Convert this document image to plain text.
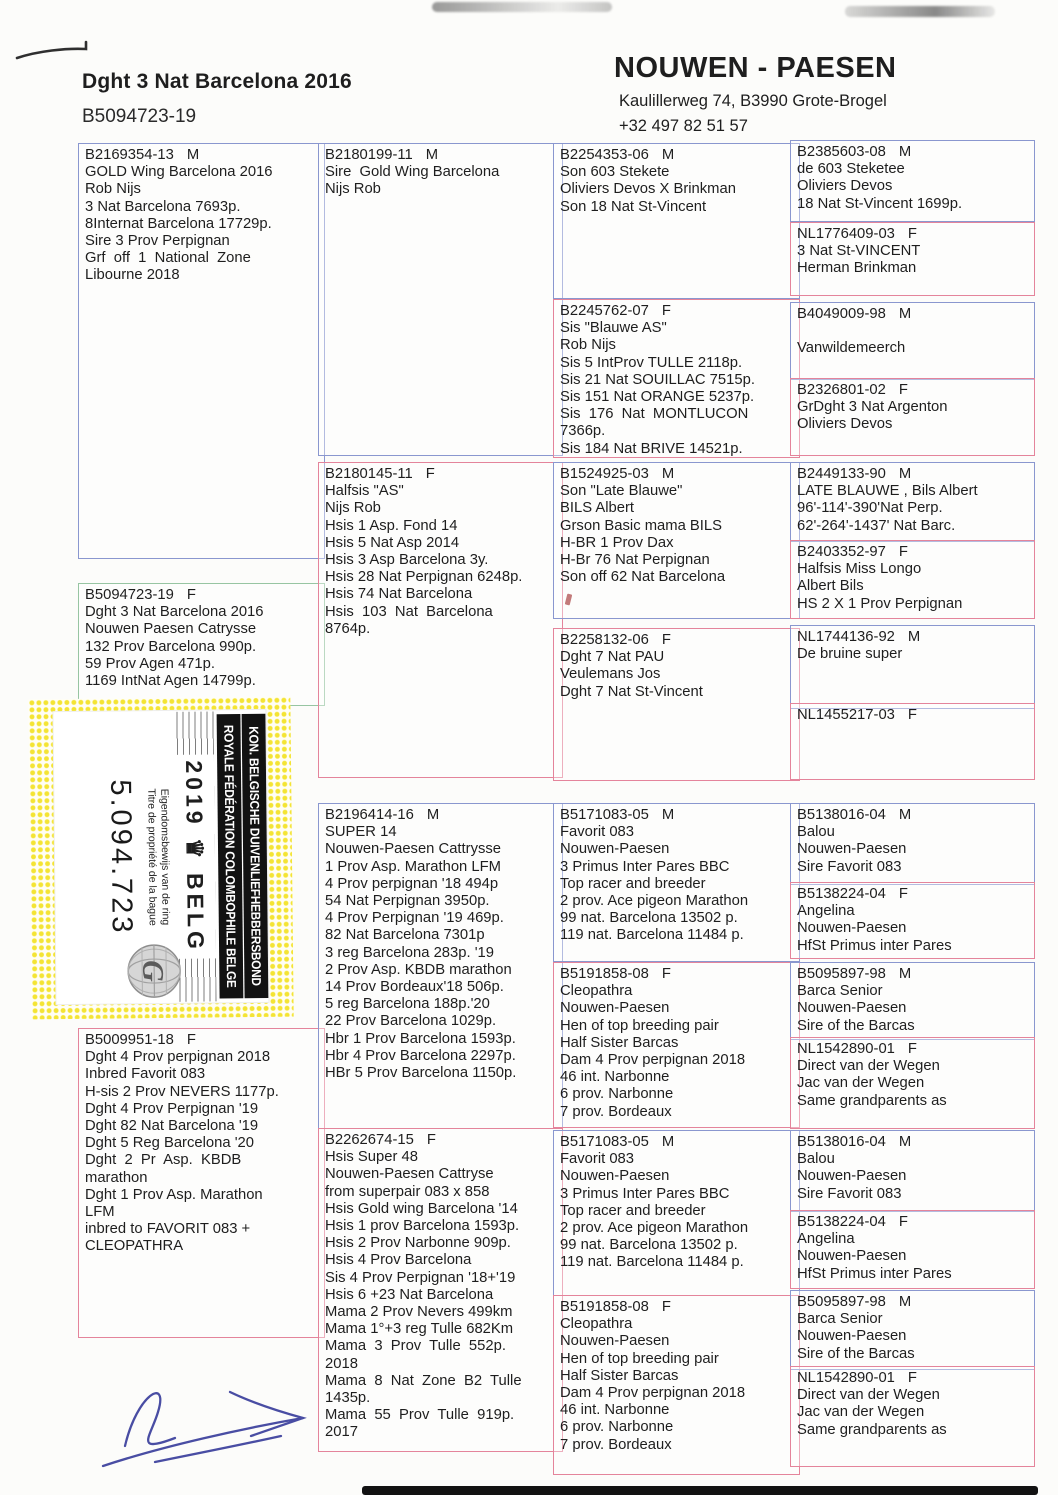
Dght 3 Nat Barcelona 2016
B5094723-19
NOUWEN - PAESEN
Kaulillerweg 74, B3990 Grote-Brogel
+32 497 82 51 57
B2169354-13 M
GOLD Wing Barcelona 2016
Rob Nijs
3 Nat Barcelona 7693p.
8Internat Barcelona 17729p.
Sire 3 Prov Perpignan
Grf  off  1  National  Zone
Libourne 2018
B5094723-19 F
Dght 3 Nat Barcelona 2016
Nouwen Paesen Catrysse
132 Prov Barcelona 990p.
59 Prov Agen 471p.
1169 IntNat Agen 14799p.
B5009951-18 F
Dght 4 Prov perpignan 2018
Inbred Favorit 083
H-sis 2 Prov NEVERS 1177p.
Dght 4 Prov Perpignan '19
Dght 82 Nat Barcelona '19
Dght 5 Reg Barcelona '20
Dght  2  Pr  Asp.  KBDB
marathon
Dght 1 Prov Asp. Marathon
LFM
inbred to FAVORIT 083 +
CLEOPATHRA
B2180199-11 M
Sire  Gold Wing Barcelona
Nijs Rob
B2180145-11 F
Halfsis "AS"
Nijs Rob
Hsis 1 Asp. Fond 14
Hsis 5 Nat Asp 2014
Hsis 3 Asp Barcelona 3y.
Hsis 28 Nat Perpignan 6248p.
Hsis 74 Nat Barcelona
Hsis  103  Nat  Barcelona
8764p.
B2196414-16 M
SUPER 14
Nouwen-Paesen Cattrysse
1 Prov Asp. Marathon LFM
4 Prov perpignan '18 494p
54 Nat Perpignan 3950p.
4 Prov Perpignan '19 469p.
82 Nat Barcelona 7301p
3 reg Barcelona 283p. '19
2 Prov Asp. KBDB marathon
14 Prov Bordeaux'18 506p.
5 reg Barcelona 188p.'20
22 Prov Barcelona 1029p.
Hbr 1 Prov Barcelona 1593p.
Hbr 4 Prov Barcelona 2297p.
HBr 5 Prov Barcelona 1150p.
B2262674-15 F
Hsis Super 48
Nouwen-Paesen Cattryse
from superpair 083 x 858
Hsis Gold wing Barcelona '14
Hsis 1 prov Barcelona 1593p.
Hsis 2 Prov Narbonne 909p.
Hsis 4 Prov Barcelona
Sis 4 Prov Perpignan '18+'19
Hsis 6 +23 Nat Barcelona
Mama 2 Prov Nevers 499km
Mama 1°+3 reg Tulle 682Km
Mama  3  Prov  Tulle  552p.
2018
Mama  8  Nat  Zone  B2  Tulle
1435p.
Mama  55  Prov  Tulle  919p.
2017
B2254353-06 M
Son 603 Stekete
Oliviers Devos X Brinkman
Son 18 Nat St-Vincent
B2245762-07 F
Sis "Blauwe AS"
Rob Nijs
Sis 5 IntProv TULLE 2118p.
Sis 21 Nat SOUILLAC 7515p.
Sis 151 Nat ORANGE 5237p.
Sis  176  Nat  MONTLUCON
7366p.
Sis 184 Nat BRIVE 14521p.
B1524925-03 M
Son "Late Blauwe"
BILS Albert
Grson Basic mama BILS
H-BR 1 Prov Dax
H-Br 76 Nat Perpignan
Son off 62 Nat Barcelona
B2258132-06 F
Dght 7 Nat PAU
Veulemans Jos
Dght 7 Nat St-Vincent
B5171083-05 M
Favorit 083
Nouwen-Paesen
3 Primus Inter Pares BBC
Top racer and breeder
2 prov. Ace pigeon Marathon
99 nat. Barcelona 13502 p.
119 nat. Barcelona 11484 p.
B5191858-08 F
Cleopathra
Nouwen-Paesen
Hen of top breeding pair
Half Sister Barcas
Dam 4 Prov perpignan 2018
46 int. Narbonne
6 prov. Narbonne
7 prov. Bordeaux
B5171083-05 M
Favorit 083
Nouwen-Paesen
3 Primus Inter Pares BBC
Top racer and breeder
2 prov. Ace pigeon Marathon
99 nat. Barcelona 13502 p.
119 nat. Barcelona 11484 p.
B5191858-08 F
Cleopathra
Nouwen-Paesen
Hen of top breeding pair
Half Sister Barcas
Dam 4 Prov perpignan 2018
46 int. Narbonne
6 prov. Narbonne
7 prov. Bordeaux
B2385603-08 M
de 603 Steketee
Oliviers Devos
18 Nat St-Vincent 1699p.
NL1776409-03 F
3 Nat St-VINCENT
Herman Brinkman
B4049009-98 M

Vanwildemeerch
B2326801-02 F
GrDght 3 Nat Argenton
Oliviers Devos
B2449133-90 M
LATE BLAUWE , Bils Albert
96'-114'-390'Nat Perp.
62'-264'-1437' Nat Barc.
B2403352-97 F
Halfsis Miss Longo
Albert Bils
HS 2 X 1 Prov Perpignan
NL1744136-92 M
De bruine super
NL1455217-03 F
B5138016-04 M
Balou
Nouwen-Paesen
Sire Favorit 083
B5138224-04 F
Angelina
Nouwen-Paesen
HfSt Primus inter Pares
B5095897-98 M
Barca Senior
Nouwen-Paesen
Sire of the Barcas
NL1542890-01 F
Direct van der Wegen
Jac van der Wegen
Same grandparents as
B5138016-04 M
Balou
Nouwen-Paesen
Sire Favorit 083
B5138224-04 F
Angelina
Nouwen-Paesen
HfSt Primus inter Pares
B5095897-98 M
Barca Senior
Nouwen-Paesen
Sire of the Barcas
NL1542890-01 F
Direct van der Wegen
Jac van der Wegen
Same grandparents as
KON. BELGISCHE DUIVENLIEFHEBBERSBOND
ROYALE FÉDÉRATION COLOMBOPHILE BELGE
2019 ♛ BELG
Eigendomsbewijs van de ring
Titre de propriété de la bague
5.094.723
G
